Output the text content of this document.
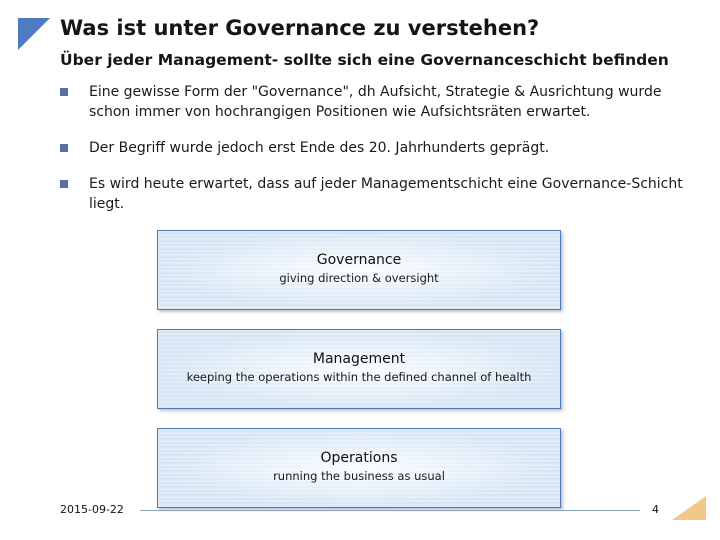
Was ist unter Governance zu verstehen?
Über jeder Management- sollte sich eine Governanceschicht befinden
Eine gewisse Form der "Governance", dh Aufsicht, Strategie & Ausrichtung wurde schon immer von hochrangigen Positionen wie Aufsichtsräten erwartet.
Der Begriff wurde jedoch erst Ende des 20. Jahrhunderts geprägt.
Es wird heute erwartet, dass auf jeder Managementschicht eine Governance-Schicht liegt.
Governance
giving direction & oversight
Management
keeping the operations within the defined channel of health
Operations
running the business as usual
2015-09-22	4
